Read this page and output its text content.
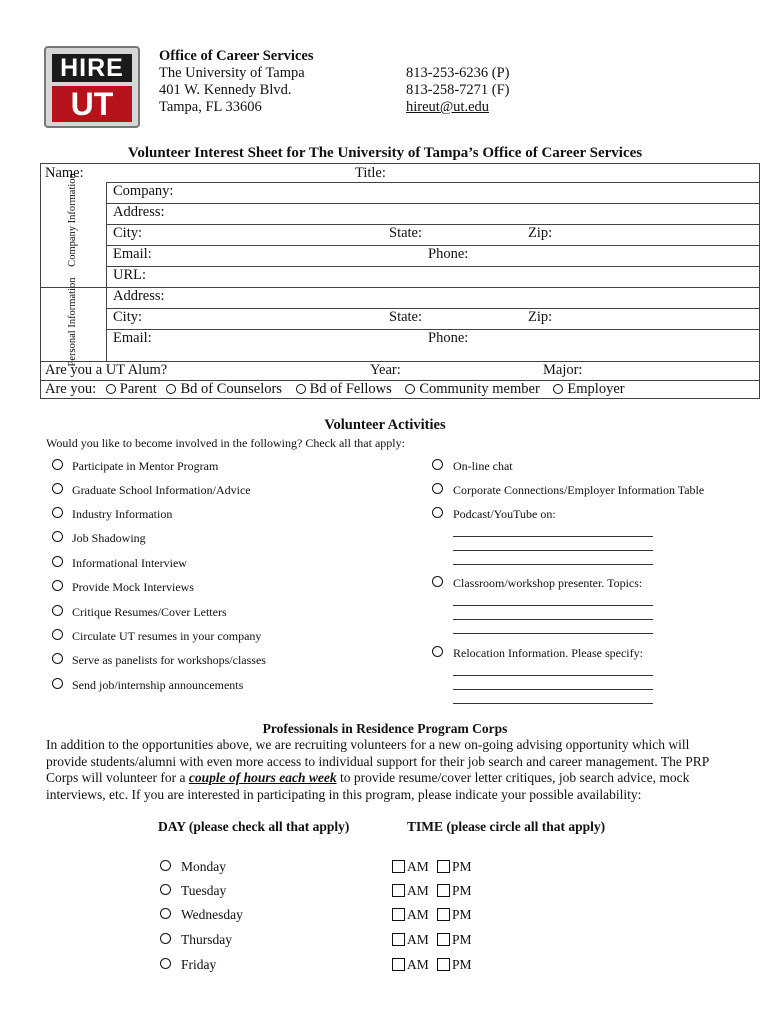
HIRE
UT
Office of Career Services
The University of Tampa
401 W. Kennedy Blvd.
Tampa, FL 33606
813-253-6236 (P)
813-258-7271 (F)
hireut@ut.edu
Volunteer Interest Sheet for The University of Tampa’s Office of Career Services
Name:	Title:
Company Information Company:
Address:
City:	State:	Zip:
Email:	Phone:
URL:
Personal Information Address:
City:	State:	Zip:
Email:	Phone:
Are you a UT Alum?	Year:	Major:
Are you: Parent Bd of Counselors Bd of Fellows Community member Employer
Volunteer Activities
Would you like to become involved in the following? Check all that apply:
Participate in Mentor Program
Graduate School Information/Advice
Industry Information
Job Shadowing
Informational Interview
Provide Mock Interviews
Critique Resumes/Cover Letters
Circulate UT resumes in your company
Serve as panelists for workshops/classes
Send job/internship announcements
On-line chat
Corporate Connections/Employer Information Table
Podcast/YouTube on:
Classroom/workshop presenter. Topics:
Relocation Information. Please specify:
Professionals in Residence Program Corps
In addition to the opportunities above, we are recruiting volunteers for a new on-going advising opportunity which will provide students/alumni with even more access to individual support for their job search and career management. The PRP Corps will volunteer for a couple of hours each week to provide resume/cover letter critiques, job search advice, mock interviews, etc. If you are interested in participating in this program, please indicate your possible availability:
DAY (please check all that apply)	TIME (please circle all that apply)
Monday	AM PM
Tuesday	AM PM
Wednesday	AM PM
Thursday	AM PM
Friday	AM PM
